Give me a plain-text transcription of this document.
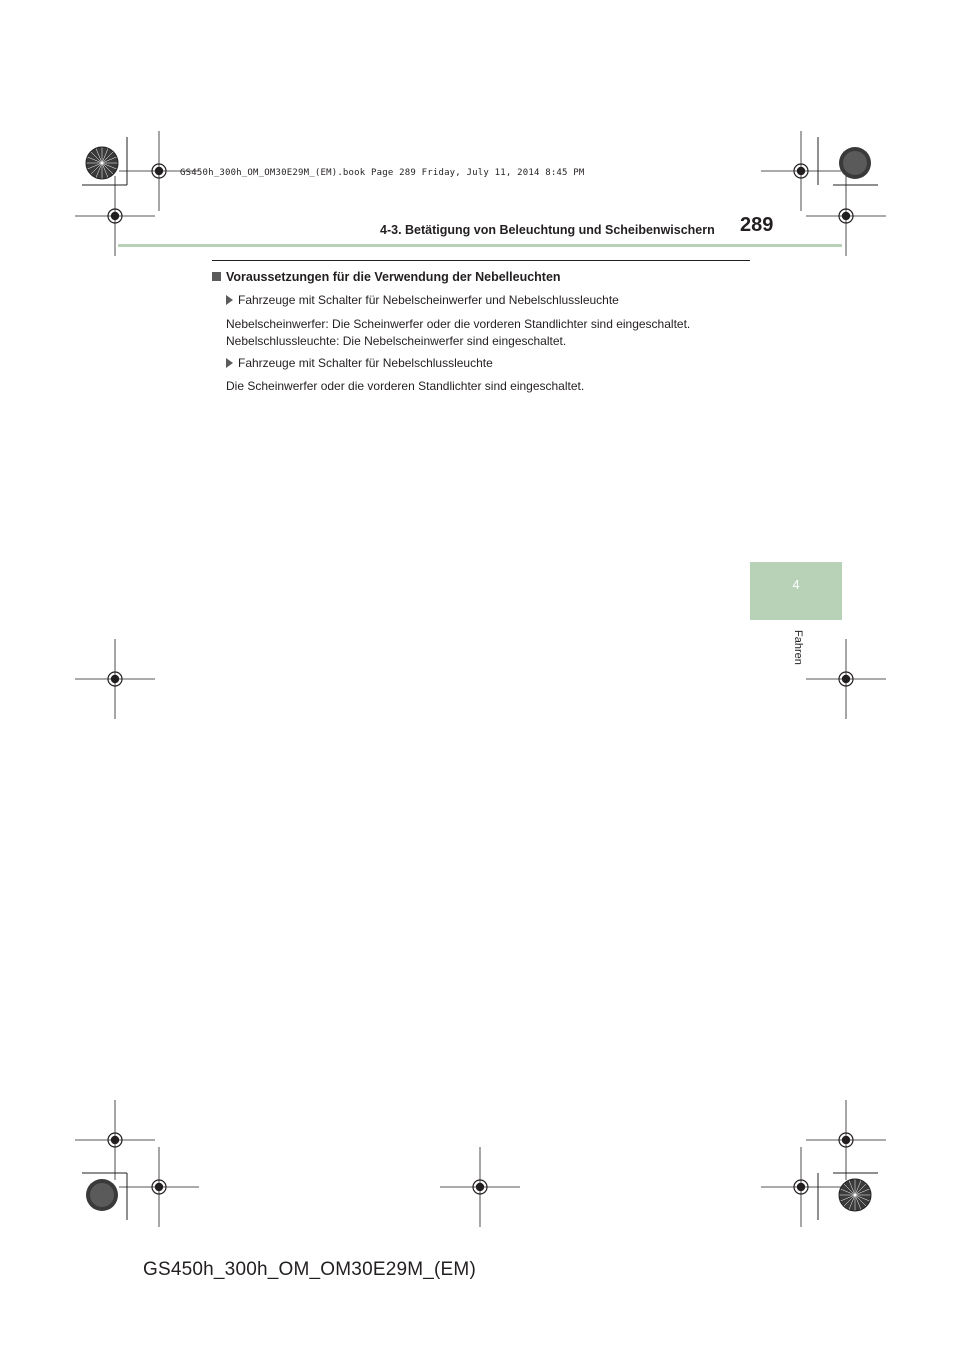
GS450h_300h_OM_OM30E29M_(EM).book Page 289 Friday, July 11, 2014 8:45 PM
4-3. Betätigung von Beleuchtung und Scheibenwischern 289
Voraussetzungen für die Verwendung der Nebelleuchten
Fahrzeuge mit Schalter für Nebelscheinwerfer und Nebelschlussleuchte
Nebelscheinwerfer: Die Scheinwerfer oder die vorderen Standlichter sind eingeschaltet.
Nebelschlussleuchte: Die Nebelscheinwerfer sind eingeschaltet.
Fahrzeuge mit Schalter für Nebelschlussleuchte
Die Scheinwerfer oder die vorderen Standlichter sind eingeschaltet.
4
Fahren
GS450h_300h_OM_OM30E29M_(EM)
